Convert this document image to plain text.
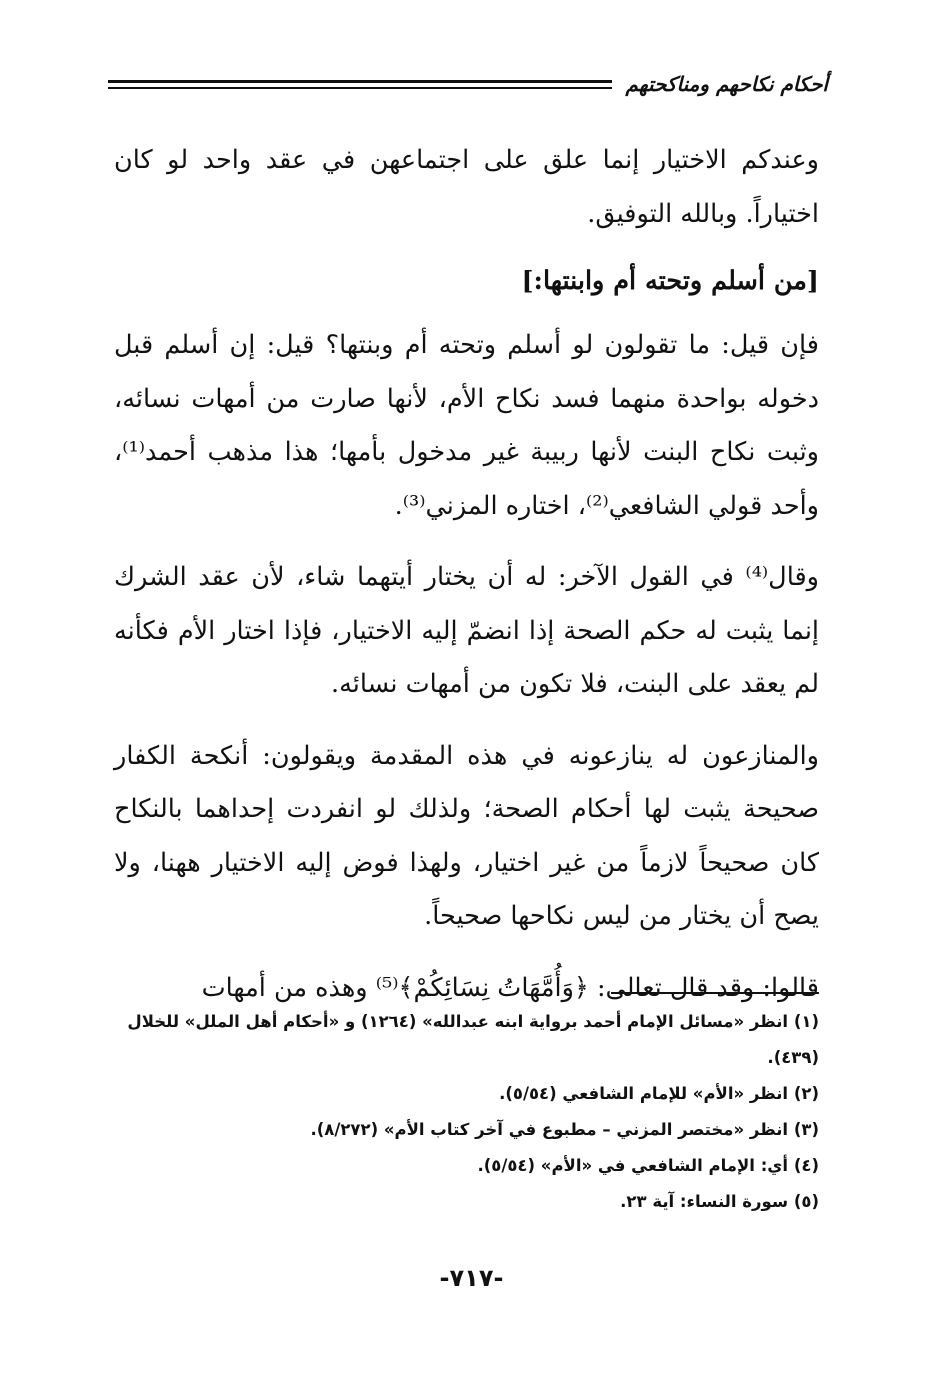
أحكام نكاحهم ومناكحتهم

وعندكم الاختيار إنما علق على اجتماعهن في عقد واحد لو كان اختياراً. وبالله التوفيق.

[من أسلم وتحته أم وابنتها:]

فإن قيل: ما تقولون لو أسلم وتحته أم وبنتها؟ قيل: إن أسلم قبل دخوله بواحدة منهما فسد نكاح الأم، لأنها صارت من أمهات نسائه، وثبت نكاح البنت لأنها ربيبة غير مدخول بأمها؛ هذا مذهب أحمد⁽¹⁾، وأحد قولي الشافعي⁽²⁾، اختاره المزني⁽³⁾.

وقال⁽⁴⁾ في القول الآخر: له أن يختار أيتهما شاء، لأن عقد الشرك إنما يثبت له حكم الصحة إذا انضمّ إليه الاختيار، فإذا اختار الأم فكأنه لم يعقد على البنت، فلا تكون من أمهات نسائه.

والمنازعون له ينازعونه في هذه المقدمة ويقولون: أنكحة الكفار صحيحة يثبت لها أحكام الصحة؛ ولذلك لو انفردت إحداهما بالنكاح كان صحيحاً لازماً من غير اختيار، ولهذا فوض إليه الاختيار ههنا، ولا يصح أن يختار من ليس نكاحها صحيحاً.

قالوا: وقد قال تعالى: ﴿وَأُمَّهَاتُ نِسَائِكُمْ﴾⁽⁵⁾ وهذه من أمهات

(١) انظر «مسائل الإمام أحمد برواية ابنه عبدالله» (١٢٦٤) و «أحكام أهل الملل» للخلال (٤٣٩).

(٢) انظر «الأم» للإمام الشافعي (٥/٥٤).

(٣) انظر «مختصر المزني – مطبوع في آخر كتاب الأم» (٨/٢٧٢).

(٤) أي: الإمام الشافعي في «الأم» (٥/٥٤).

(٥) سورة النساء: آية ٢٣.

-٧١٧-
